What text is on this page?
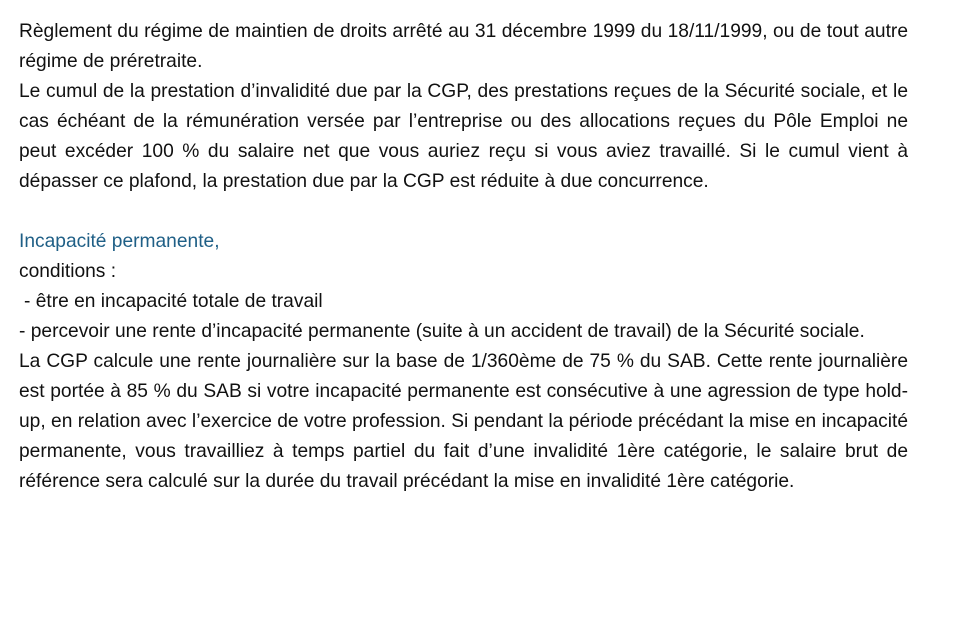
Règlement du régime de maintien de droits arrêté au 31 décembre 1999 du 18/11/1999, ou de tout autre régime de préretraite.

Le cumul de la prestation d’invalidité due par la CGP, des prestations reçues de la Sécurité sociale, et le cas échéant de la rémunération versée par l’entreprise ou des allocations reçues du Pôle Emploi ne peut excéder 100 % du salaire net que vous auriez reçu si vous aviez travaillé. Si le cumul vient à dépasser ce plafond, la prestation due par la CGP est réduite à due concurrence.

Incapacité permanente,

conditions :

- être en incapacité totale de travail

- percevoir une rente d’incapacité permanente (suite à un accident de travail) de la Sécurité sociale.

La CGP calcule une rente journalière sur la base de 1/360ème de 75 % du SAB. Cette rente journalière est portée à 85 % du SAB si votre incapacité permanente est consécutive à une agression de type hold-up, en relation avec l’exercice de votre profession. Si pendant la période précédant la mise en incapacité permanente, vous travailliez à temps partiel du fait d’une invalidité 1ère catégorie, le salaire brut de référence sera calculé sur la durée du travail précédant la mise en invalidité 1ère catégorie.
